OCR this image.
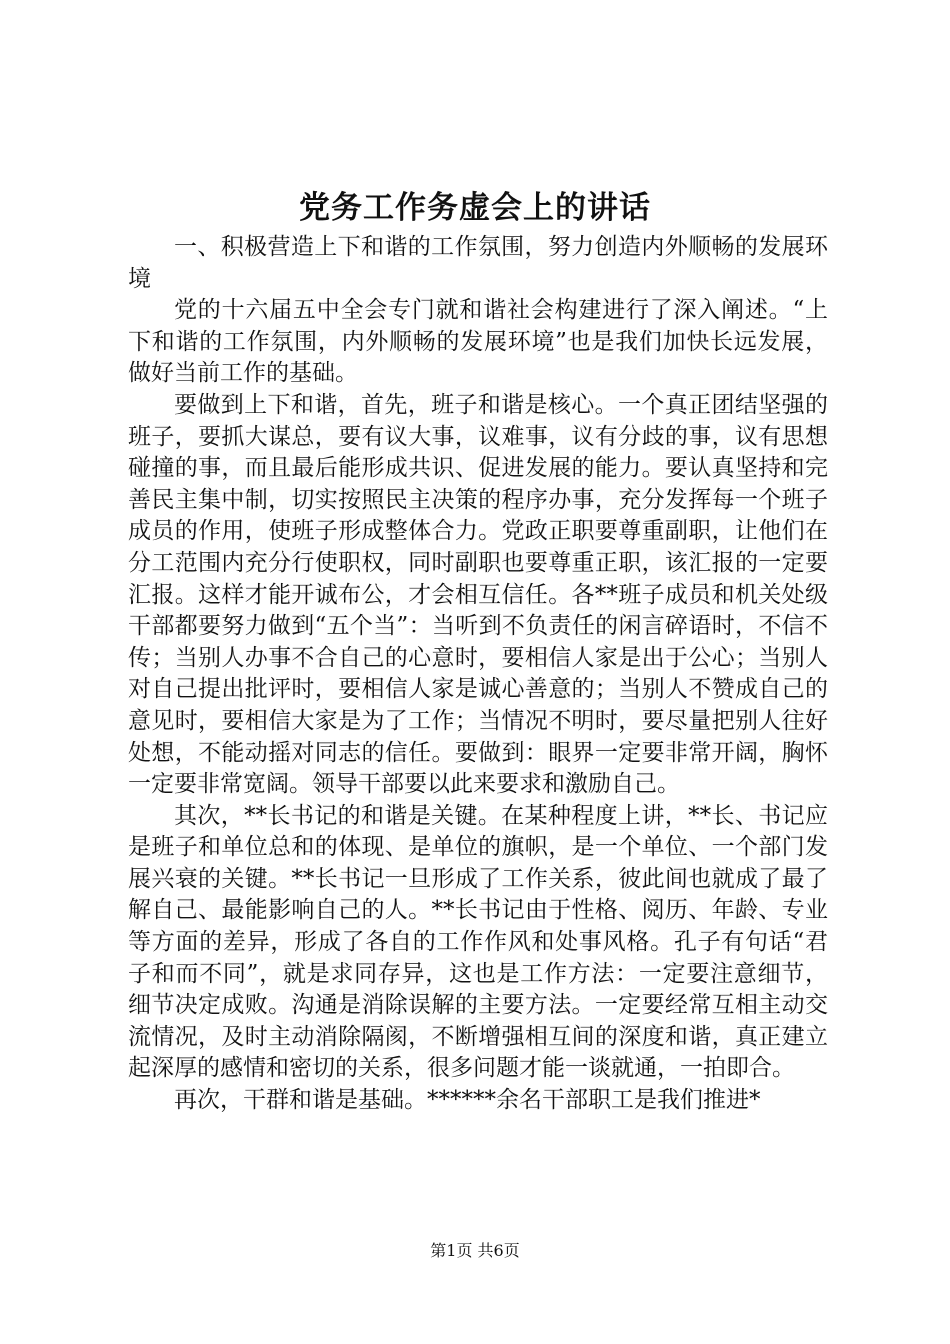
党务工作务虚会上的讲话

一、积极营造上下和谐的工作氛围，努力创造内外顺畅的发展环境

党的十六届五中全会专门就和谐社会构建进行了深入阐述。“上下和谐的工作氛围，内外顺畅的发展环境”也是我们加快长远发展，做好当前工作的基础。

要做到上下和谐，首先，班子和谐是核心。一个真正团结坚强的班子，要抓大谋总，要有议大事，议难事，议有分歧的事，议有思想碰撞的事，而且最后能形成共识、促进发展的能力。要认真坚持和完善民主集中制，切实按照民主决策的程序办事，充分发挥每一个班子成员的作用，使班子形成整体合力。党政正职要尊重副职，让他们在分工范围内充分行使职权，同时副职也要尊重正职，该汇报的一定要汇报。这样才能开诚布公，才会相互信任。各**班子成员和机关处级干部都要努力做到“五个当”：当听到不负责任的闲言碎语时，不信不传；当别人办事不合自己的心意时，要相信人家是出于公心；当别人对自己提出批评时，要相信人家是诚心善意的；当别人不赞成自己的意见时，要相信大家是为了工作；当情况不明时，要尽量把别人往好处想，不能动摇对同志的信任。要做到：眼界一定要非常开阔，胸怀一定要非常宽阔。领导干部要以此来要求和激励自己。

其次，**长书记的和谐是关键。在某种程度上讲，**长、书记应是班子和单位总和的体现、是单位的旗帜，是一个单位、一个部门发展兴衰的关键。**长书记一旦形成了工作关系，彼此间也就成了最了解自己、最能影响自己的人。**长书记由于性格、阅历、年龄、专业等方面的差异，形成了各自的工作作风和处事风格。孔子有句话“君子和而不同”，就是求同存异，这也是工作方法：一定要注意细节，细节决定成败。沟通是消除误解的主要方法。一定要经常互相主动交流情况，及时主动消除隔阂，不断增强相互间的深度和谐，真正建立起深厚的感情和密切的关系，很多问题才能一谈就通，一拍即合。

再次，干群和谐是基础。******余名干部职工是我们推进*

第1页 共6页
